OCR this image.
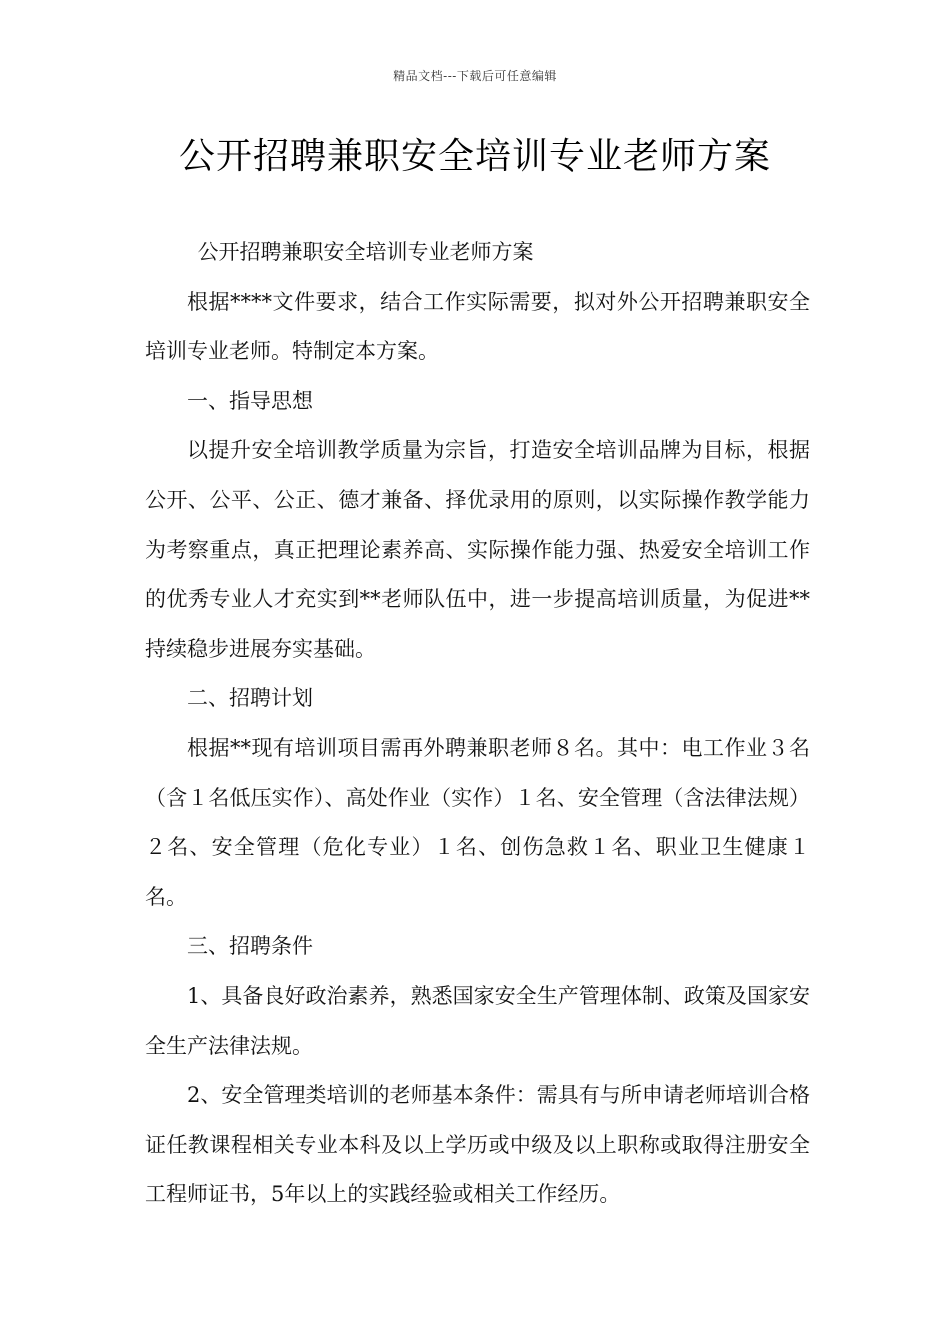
精品文档---下载后可任意编辑
公开招聘兼职安全培训专业老师方案

公开招聘兼职安全培训专业老师方案

根据****文件要求，结合工作实际需要，拟对外公开招聘兼职安全培训专业老师。特制定本方案。

一、指导思想

以提升安全培训教学质量为宗旨，打造安全培训品牌为目标，根据公开、公平、公正、德才兼备、择优录用的原则，以实际操作教学能力为考察重点，真正把理论素养高、实际操作能力强、热爱安全培训工作的优秀专业人才充实到**老师队伍中，进一步提高培训质量，为促进**持续稳步进展夯实基础。

二、招聘计划

根据**现有培训项目需再外聘兼职老师８名。其中：电工作业３名（含１名低压实作）、高处作业（实作）１名、安全管理（含法律法规）２名、安全管理（危化专业）１名、创伤急救１名、职业卫生健康１名。

三、招聘条件

1、具备良好政治素养，熟悉国家安全生产管理体制、政策及国家安全生产法律法规。

2、安全管理类培训的老师基本条件：需具有与所申请老师培训合格证任教课程相关专业本科及以上学历或中级及以上职称或取得注册安全工程师证书，5年以上的实践经验或相关工作经历。
